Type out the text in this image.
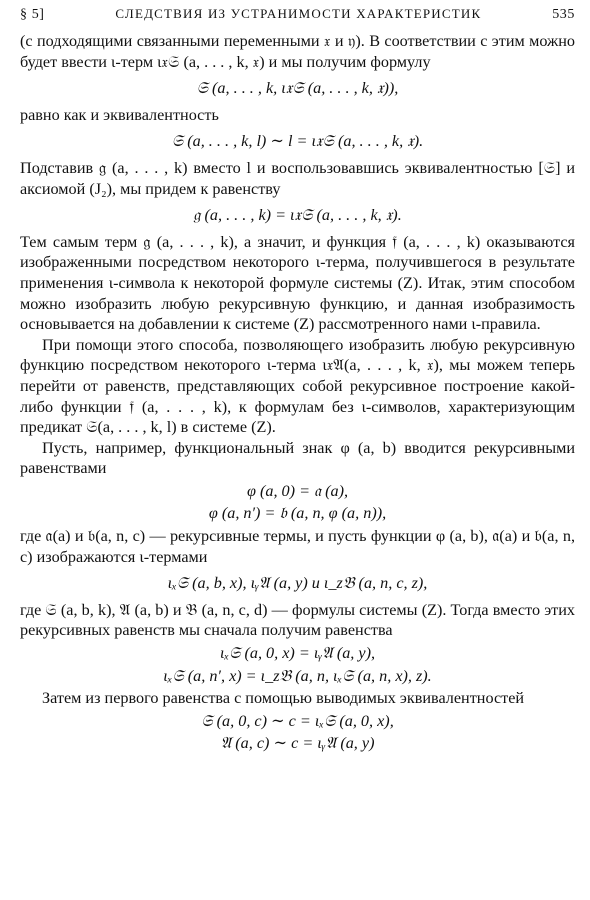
§ 5]	СЛЕДСТВИЯ ИЗ УСТРАНИМОСТИ ХАРАКТЕРИСТИК	535
(с подходящими связанными переменными 𝔵 и 𝔶). В соответствии с этим можно будет ввести ι-терм ι𝔵𝔖 (a, . . . , k, 𝔵) и мы получим формулу
𝔖 (a, . . . , k, ι𝔵𝔖 (a, . . . , k, 𝔵)),
равно как и эквивалентность
𝔖 (a, . . . , k, l) ∼ l = ι𝔵𝔖 (a, . . . , k, 𝔵).
Подставив 𝔤 (a, . . . , k) вместо l и воспользовавшись эквивалентностью [𝔖] и аксиомой (J₂), мы придем к равенству
𝔤 (a, . . . , k) = ι𝔵𝔖 (a, . . . , k, 𝔵).
Тем самым терм 𝔤 (a, . . . , k), а значит, и функция 𝔣 (a, . . . , k) оказываются изображенными посредством некоторого ι-терма, получившегося в результате применения ι-символа к некоторой формуле системы (Z). Итак, этим способом можно изобразить любую рекурсивную функцию, и данная изобразимость основывается на добавлении к системе (Z) рассмотренного нами ι-правила.
При помощи этого способа, позволяющего изобразить любую рекурсивную функцию посредством некоторого ι-терма ι𝔵𝔄(a, . . . , k, 𝔵), мы можем теперь перейти от равенств, представляющих собой рекурсивное построение какой-либо функции 𝔣 (a, . . . , k), к формулам без ι-символов, характеризующим предикат 𝔖(a, . . . , k, l) в системе (Z).
Пусть, например, функциональный знак φ (a, b) вводится рекурсивными равенствами
φ (a, 0) = 𝔞 (a),
φ (a, n′) = 𝔟 (a, n, φ (a, n)),
где 𝔞(a) и 𝔟(a, n, c) — рекурсивные термы, и пусть функции φ (a, b), 𝔞(a) и 𝔟(a, n, c) изображаются ι-термами
ιₓ𝔖 (a, b, x), ιᵧ𝔄 (a, y) и ι_z𝔅 (a, n, c, z),
где 𝔖 (a, b, k), 𝔄 (a, b) и 𝔅 (a, n, c, d) — формулы системы (Z). Тогда вместо этих рекурсивных равенств мы сначала получим равенства
ιₓ𝔖 (a, 0, x) = ιᵧ𝔄 (a, y),
ιₓ𝔖 (a, n′, x) = ι_z𝔅 (a, n, ιₓ𝔖 (a, n, x), z).
Затем из первого равенства с помощью выводимых эквивалентностей
𝔖 (a, 0, c) ∼ c = ιₓ𝔖 (a, 0, x),
𝔄 (a, c) ∼ c = ιᵧ𝔄 (a, y)
